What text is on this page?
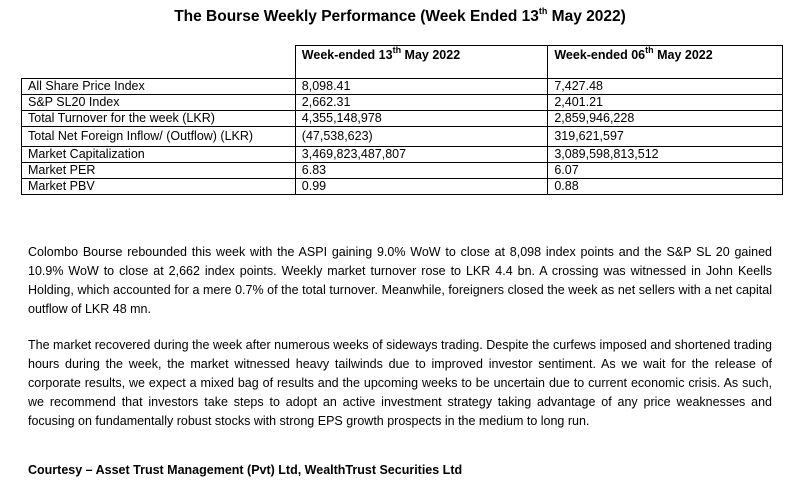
The Bourse Weekly Performance (Week Ended 13th May 2022)
	Week-ended 13th May 2022	Week-ended 06th May 2022
All Share Price Index	8,098.41	7,427.48
S&P SL20 Index	2,662.31	2,401.21
Total Turnover for the week (LKR)	4,355,148,978	2,859,946,228
Total Net Foreign Inflow/ (Outflow) (LKR)	(47,538,623)	319,621,597
Market Capitalization	3,469,823,487,807	3,089,598,813,512
Market PER	6.83	6.07
Market PBV	0.99	0.88

Colombo Bourse rebounded this week with the ASPI gaining 9.0% WoW to close at 8,098 index points and the S&P SL 20 gained 10.9% WoW to close at 2,662 index points. Weekly market turnover rose to LKR 4.4 bn. A crossing was witnessed in John Keells Holding, which accounted for a mere 0.7% of the total turnover. Meanwhile, foreigners closed the week as net sellers with a net capital outflow of LKR 48 mn.

The market recovered during the week after numerous weeks of sideways trading. Despite the curfews imposed and shortened trading hours during the week, the market witnessed heavy tailwinds due to improved investor sentiment. As we wait for the release of corporate results, we expect a mixed bag of results and the upcoming weeks to be uncertain due to current economic crisis. As such, we recommend that investors take steps to adopt an active investment strategy taking advantage of any price weaknesses and focusing on fundamentally robust stocks with strong EPS growth prospects in the medium to long run.

Courtesy – Asset Trust Management (Pvt) Ltd, WealthTrust Securities Ltd
